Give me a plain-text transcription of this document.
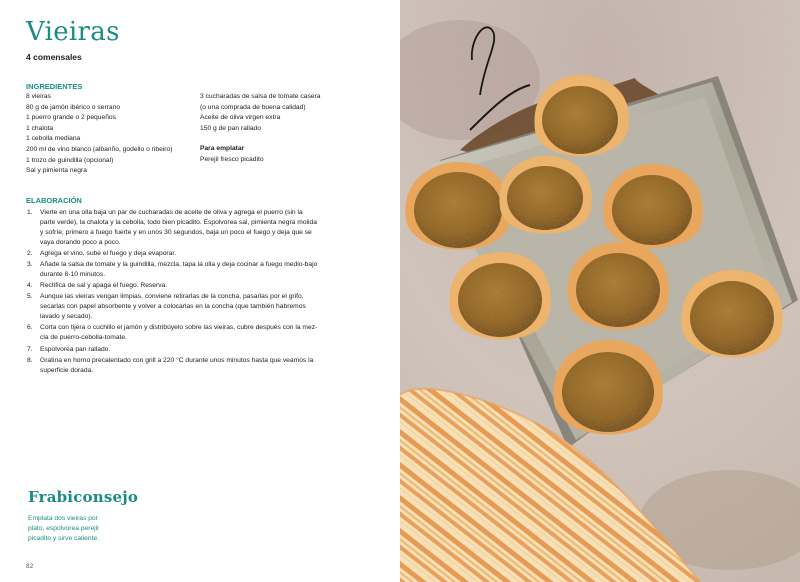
Vieiras
4 comensales
INGREDIENTES
8 vieiras
80 g de jamón ibérico o serrano
1 puerro grande o 2 pequeños
1 chalota
1 cebolla mediana
200 ml de vino blanco (albariño, godello o ribeiro)
1 trozo de guindilla (opcional)
Sal y pimienta negra
3 cucharadas de salsa de tomate casera
(o una comprada de buena calidad)
Aceite de oliva virgen extra
150 g de pan rallado
Para emplatar
Perejil fresco picadito
ELABORACIÓN
1. Vierte en una olla baja un par de cucharadas de aceite de oliva y agrega el puerro (sin la
parte verde), la chalota y la cebolla, todo bien picadito. Espolvorea sal, pimienta negra molida
y sofríe, primero a fuego fuerte y en unos 30 segundos, baja un poco el fuego y deja que se
vaya dorando poco a poco.
2. Agrega el vino, sube el fuego y deja evaporar.
3. Añade la salsa de tomate y la guindilla, mezcla, tapa la olla y deja cocinar a fuego medio-bajo
durante 8-10 minutos.
4. Rectifica de sal y apaga el fuego. Reserva.
5. Aunque las vieiras vengan limpias, conviene retirarlas de la concha, pasarlas por el grifo,
secarlas con papel absorbente y volver a colocarlas en la concha (que también habremos
lavado y secado).
6. Corta con tijera o cuchillo el jamón y distribúyelo sobre las vieiras, cubre después con la mez-
cla de puerro-cebolla-tomate.
7. Espolvorea pan rallado.
8. Gratina en horno precalentado con grill a 220 °C durante unos minutos hasta que veamos la
superficie dorada.
Frabiconsejo
Emplata dos vieiras por
plato, espolvorea perejil
picadito y sirve caliente.
82
